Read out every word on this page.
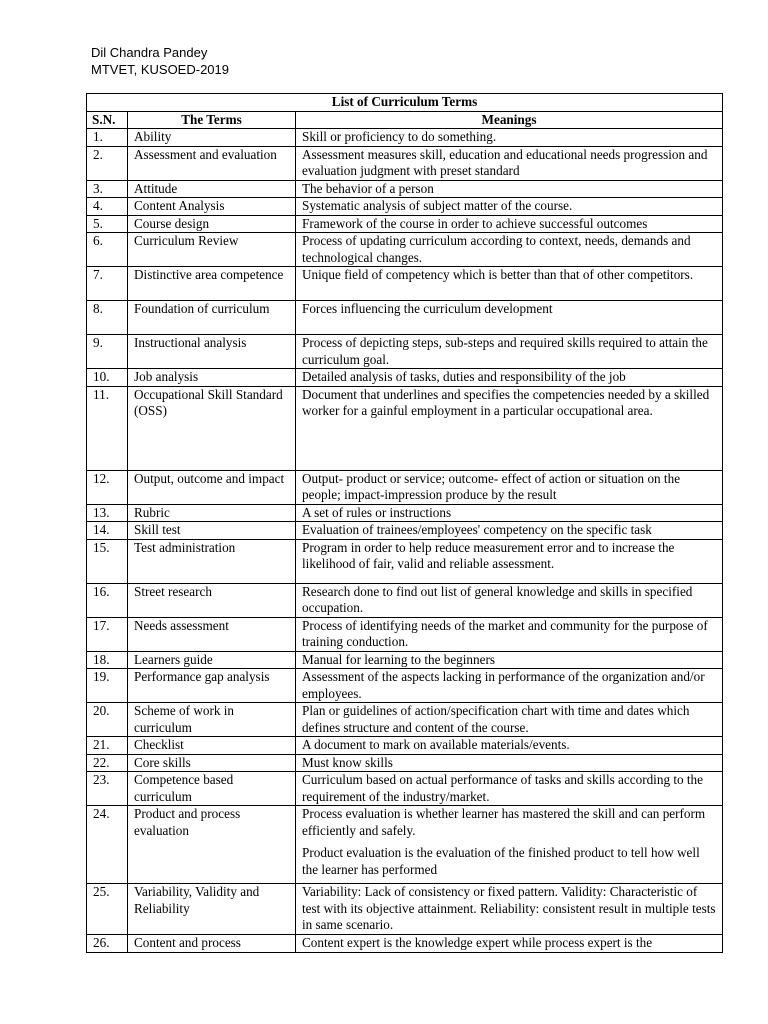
Dil Chandra Pandey
MTVET, KUSOED-2019
List of Curriculum Terms		
S.N.	The Terms	Meanings
1.	Ability	Skill or proficiency to do something.

2.	Assessment and evaluation	Assessment measures skill, education and educational needs progression and evaluation judgment with preset standard

3.	Attitude	The behavior of a person

4.	Content Analysis	Systematic analysis of subject matter of the course.

5.	Course design	Framework of the course in order to achieve successful outcomes

6.	Curriculum Review	Process of updating curriculum according to context, needs, demands and technological changes.

7.	Distinctive area competence	Unique field of competency which is better than that of other competitors.

8.	Foundation of curriculum	Forces influencing the curriculum development

9.	Instructional analysis	Process of depicting steps, sub-steps and required skills required to attain the curriculum goal.

10.	Job analysis	Detailed analysis of tasks, duties and responsibility of the job

11.	Occupational Skill Standard (OSS)	Document that underlines and specifies the competencies needed by a skilled worker for a gainful employment in a particular occupational area.

12.	Output, outcome and impact	Output- product or service; outcome- effect of action or situation on the people; impact-impression produce by the result

13.	Rubric	A set of rules or instructions

14.	Skill test	Evaluation of trainees/employees' competency on the specific task

15.	Test administration	Program in order to help reduce measurement error and to increase the likelihood of fair, valid and reliable assessment.

16.	Street research	Research done to find out list of general knowledge and skills in specified occupation.

17.	Needs assessment	Process of identifying needs of the market and community for the purpose of training conduction.

18.	Learners guide	Manual for learning to the beginners

19.	Performance gap analysis	Assessment of the aspects lacking in performance of the organization and/or employees.

20.	Scheme of work in curriculum	Plan or guidelines of action/specification chart with time and dates which defines structure and content of the course.

21.	Checklist	A document to mark on available materials/events.

22.	Core skills	Must know skills

23.	Competence based curriculum	Curriculum based on actual performance of tasks and skills according to the requirement of the industry/market.

24.	Product and process evaluation	Process evaluation is whether learner has mastered the skill and can perform efficiently and safely.
Product evaluation is the evaluation of the finished product to tell how well the learner has performed

25.	Variability, Validity and Reliability	Variability: Lack of consistency or fixed pattern. Validity: Characteristic of test with its objective attainment. Reliability: consistent result in multiple tests in same scenario.

26.	Content and process	Content expert is the knowledge expert while process expert is the
